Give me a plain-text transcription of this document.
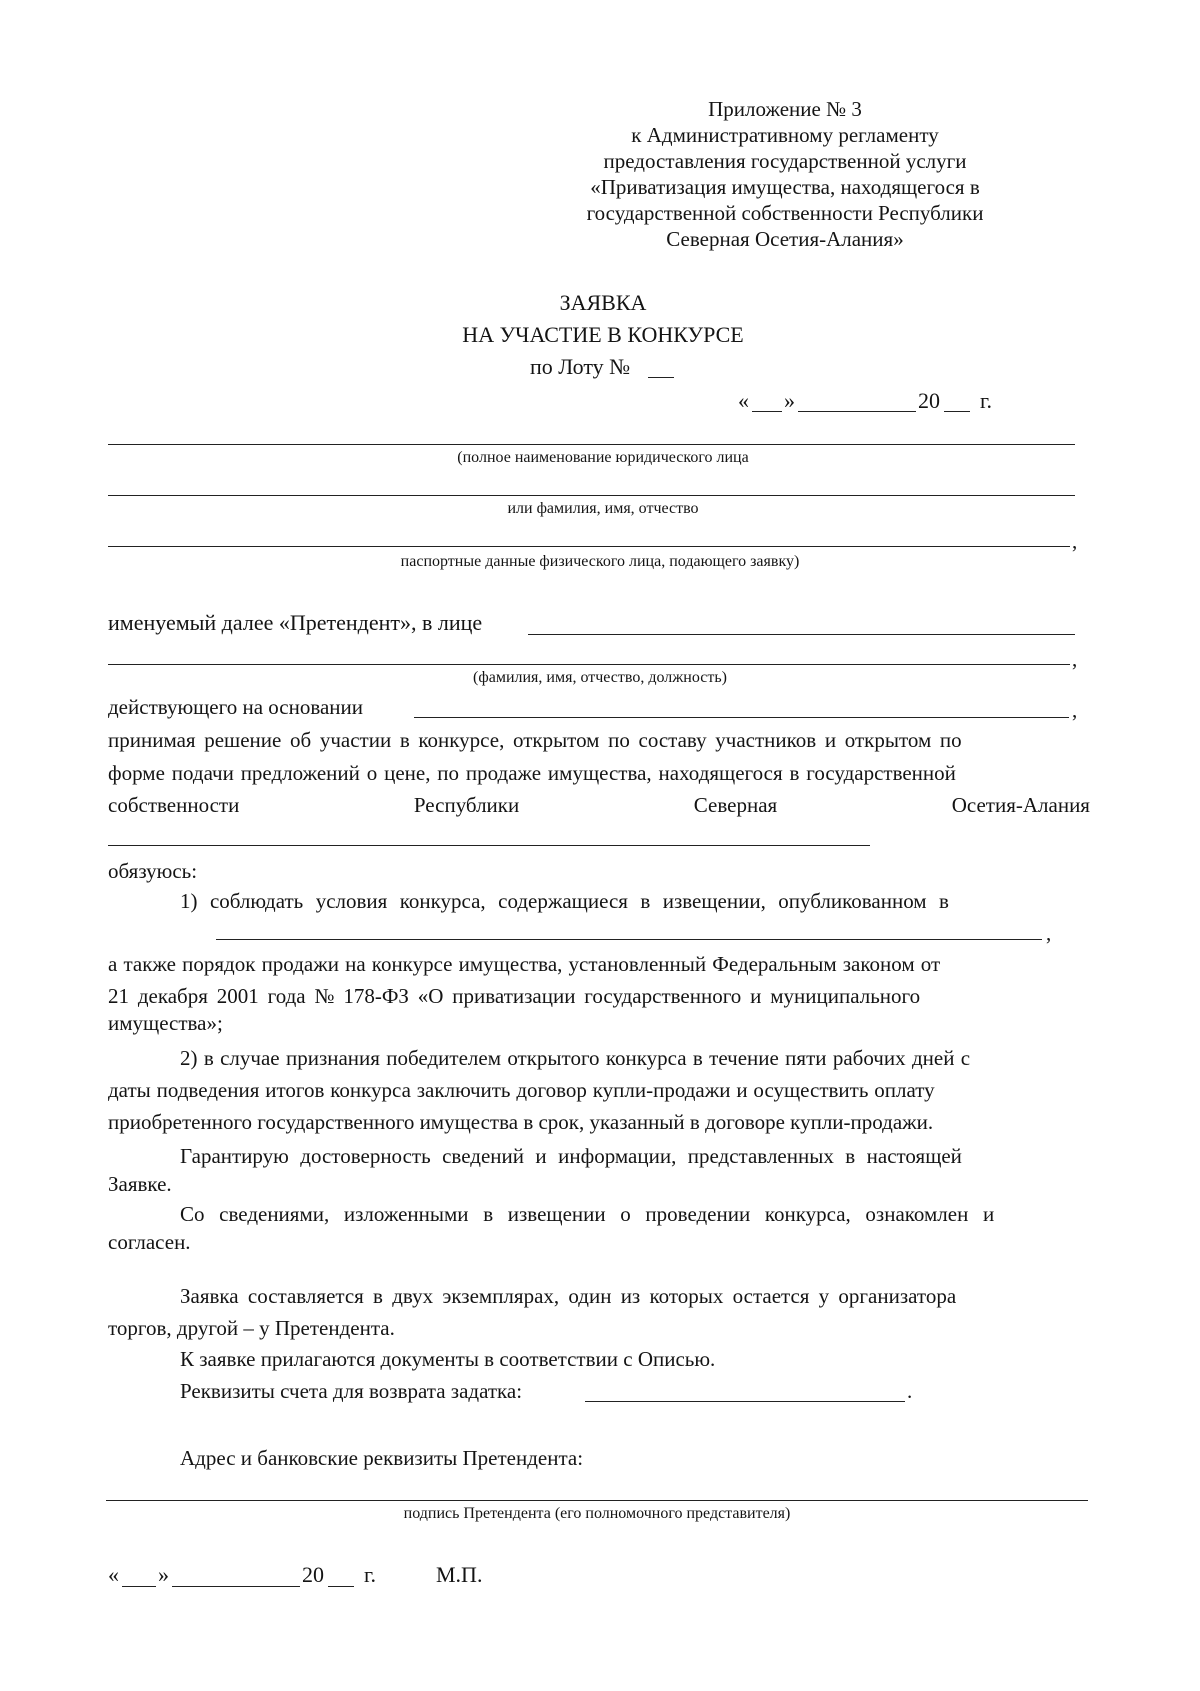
Приложение № 3
к Административному регламенту
предоставления государственной услуги
«Приватизация имущества, находящегося в
государственной собственности Республики
Северная Осетия-Алания»
ЗАЯВКА
НА УЧАСТИЕ В КОНКУРСЕ
по Лоту №
« »	20 г.
(полное наименование юридического лица
или фамилия, имя, отчество
,
паспортные данные физического лица, подающего заявку)
именуемый далее «Претендент», в лице
,
(фамилия, имя, отчество, должность)
действующего на основании	,
принимая решение об участии в конкурсе, открытом по составу участников и открытом по
форме подачи предложений о цене, по продаже имущества, находящегося в государственной
собственности	Республики	Северная	Осетия-Алания
обязуюсь:
1) соблюдать условия конкурса, содержащиеся в извещении, опубликованном в
,
а также порядок продажи на конкурсе имущества, установленный Федеральным законом от
21 декабря 2001 года № 178-ФЗ «О приватизации государственного и муниципального
имущества»;
2) в случае признания победителем открытого конкурса в течение пяти рабочих дней с
даты подведения итогов конкурса заключить договор купли-продажи и осуществить оплату
приобретенного государственного имущества в срок, указанный в договоре купли-продажи.
Гарантирую достоверность сведений и информации, представленных в настоящей
Заявке.
Со сведениями, изложенными в извещении о проведении конкурса, ознакомлен и
согласен.
Заявка составляется в двух экземплярах, один из которых остается у организатора
торгов, другой – у Претендента.
К заявке прилагаются документы в соответствии с Описью.
Реквизиты счета для возврата задатка:	.
Адрес и банковские реквизиты Претендента:
подпись Претендента (его полномочного представителя)
« »	20 г.	М.П.
